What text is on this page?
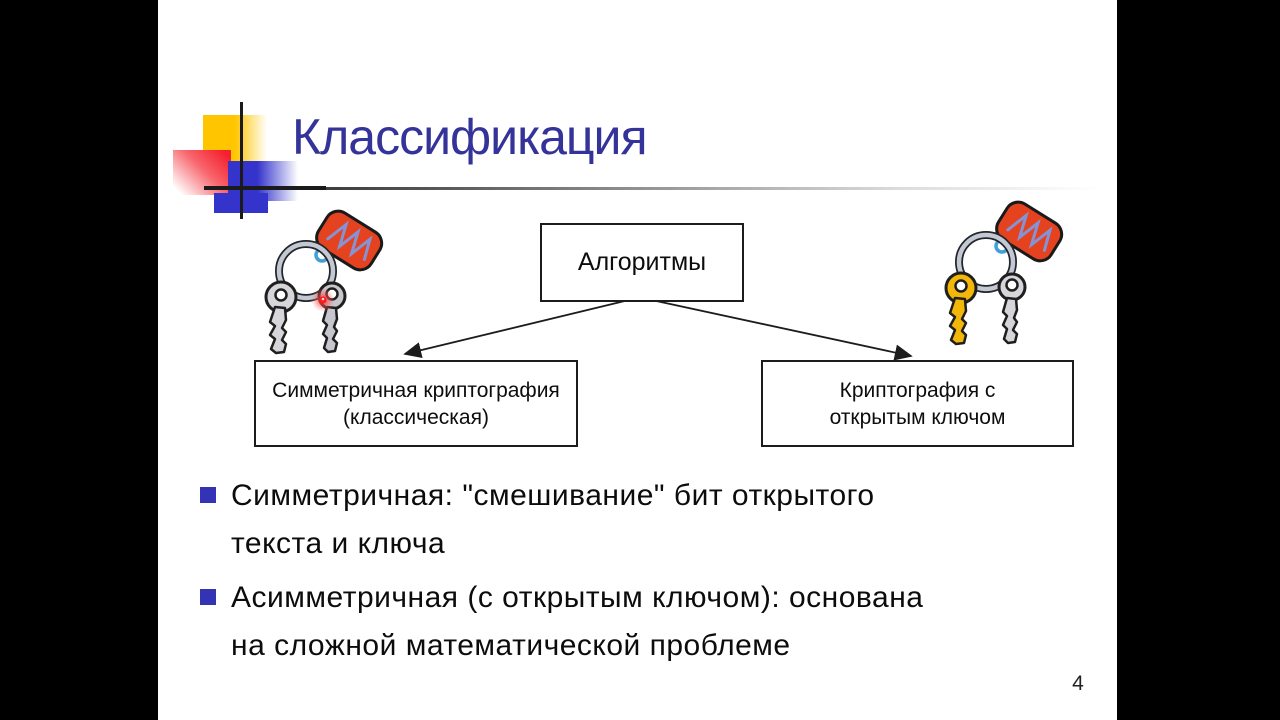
Классификация
Алгоритмы
Симметричная криптография
(классическая)
Криптография с
открытым ключом
Симметричная: "смешивание" бит открытого
текста и ключа
Асимметричная (с открытым ключом): основана
на сложной математической проблеме
4
